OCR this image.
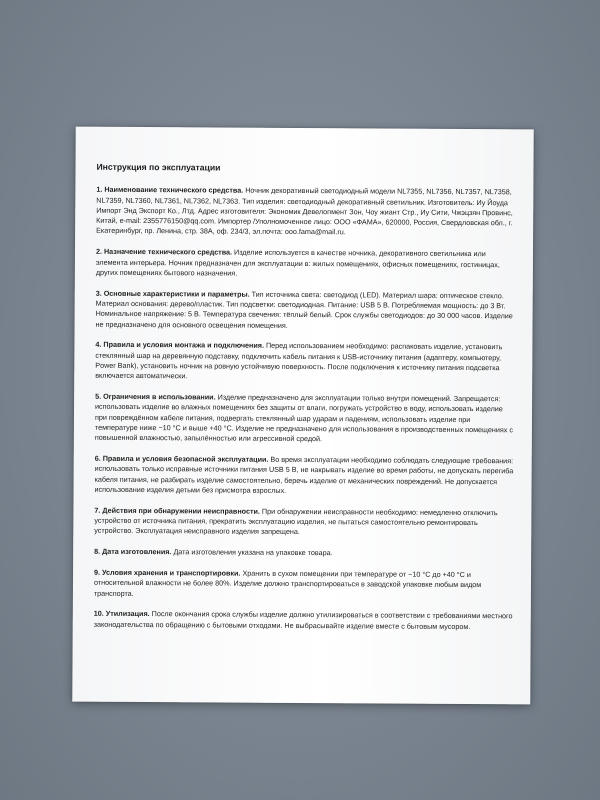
Инструкция по эксплуатации

1. Наименование технического средства. Ночник декоративный светодиодный модели NL7355, NL7356, NL7357, NL7358, NL7359, NL7360, NL7361, NL7362, NL7363. Тип изделия: светодиодный декоративный светильник. Изготовитель: Иу Йоуда Импорт Энд Экспорт Ко., Лтд. Адрес изготовителя: Экономик Девелопмент Зон, Чоу жиант Стр., Иу Сити, Чжэцзян Провинс, Китай, e-mail: 2355776150@qq.com. Импортер /Уполномоченное лицо: ООО «ФАМА», 620000, Россия, Свердловская обл., г. Екатеринбург, пр. Ленина, стр. 38А, оф. 234/3, эл.почта: ooo.fama@mail.ru.

2. Назначение технического средства. Изделие используется в качестве ночника, декоративного светильника или элемента интерьера. Ночник предназначен для эксплуатации в: жилых помещениях, офисных помещениях, гостиницах, других помещениях бытового назначения.

3. Основные характеристики и параметры. Тип источника света: светодиод (LED). Материал шара: оптическое стекло. Материал основания: дерево/пластик. Тип подсветки: светодиодная. Питание: USB 5 В. Потребляемая мощность: до 3 Вт. Номинальное напряжение: 5 В. Температура свечения: тёплый белый. Срок службы светодиодов: до 30 000 часов. Изделие не предназначено для основного освещения помещения.

4. Правила и условия монтажа и подключения. Перед использованием необходимо: распаковать изделие, установить стеклянный шар на деревянную подставку, подключить кабель питания к USB-источнику питания (адаптеру, компьютеру, Power Bank), установить ночник на ровную устойчивую поверхность. После подключения к источнику питания подсветка включается автоматически.

5. Ограничения в использовании. Изделие предназначено для эксплуатации только внутри помещений. Запрещается: использовать изделие во влажных помещениях без защиты от влаги, погружать устройство в воду, использовать изделие при повреждённом кабеле питания, подвергать стеклянный шар ударам и падениям, использовать изделие при температуре ниже −10 °С и выше +40 °С. Изделие не предназначено для использования в производственных помещениях с повышенной влажностью, запылённостью или агрессивной средой.

6. Правила и условия безопасной эксплуатации. Во время эксплуатации необходимо соблюдать следующие требования: использовать только исправные источники питания USB 5 В, не накрывать изделие во время работы, не допускать перегиба кабеля питания, не разбирать изделие самостоятельно, беречь изделие от механических повреждений. Не допускается использование изделия детьми без присмотра взрослых.

7. Действия при обнаружении неисправности. При обнаружении неисправности необходимо: немедленно отключить устройство от источника питания, прекратить эксплуатацию изделия, не пытаться самостоятельно ремонтировать устройство. Эксплуатация неисправного изделия запрещена.

8. Дата изготовления. Дата изготовления указана на упаковке товара.

9. Условия хранения и транспортировки. Хранить в сухом помещении при температуре от −10 °С до +40 °С и относительной влажности не более 80%. Изделие должно транспортироваться в заводской упаковке любым видом транспорта.

10. Утилизация. После окончания срока службы изделие должно утилизироваться в соответствии с требованиями местного законодательства по обращению с бытовыми отходами. Не выбрасывайте изделие вместе с бытовым мусором.
